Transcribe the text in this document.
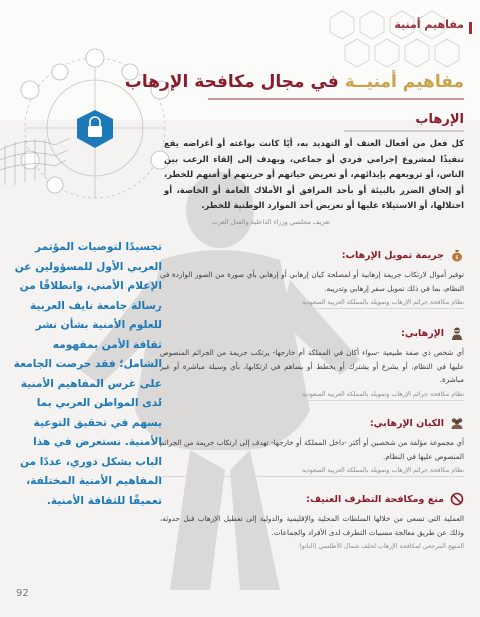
مفاهيم أمنية
مفاهيم أمنيــة في مجال مكافحة الإرهاب
الإرهاب
كل فعل من أفعال العنف أو التهديد به، أيًا كانت بواعثه أو أغراضه يقع تنفيذًا لمشروع إجرامي فردي أو جماعي، ويهدف إلى إلقاء الرعب بين الناس، أو ترويعهم بإيذائهم، أو تعريض حياتهم أو حريتهم أو أمنهم للخطر، أو إلحاق الضرر بالبيئة أو بأحد المرافق أو الأملاك العامة أو الخاصة، أو احتلالها، أو الاستيلاء عليها أو تعريض أحد الموارد الوطنية للخطر.
تعريف مجلسي وزراء الداخلية والعدل العرب
تجسيدًا لتوصيات المؤتمر العربي الأول للمسؤولين عن الإعلام الأمني، وانطلاقًا من رسالة جامعة نايف العربية للعلوم الأمنية بشأن نشر ثقافة الأمن بمفهومه الشامل؛ فقد حرصت الجامعة على غرس المفاهيم الأمنية لدى المواطن العربي بما يسهم في تحقيق التوعية الأمنية. نستعرض في هذا الباب بشكل دوري، عددًا من المفاهيم الأمنية المختلفة، تعميقًا للثقافة الأمنية.
$
جريمة تمويل الإرهاب:
توفير أموال لارتكاب جريمة إرهابية أو لمصلحة كيان إرهابي أو إرهابي بأي صورة من الصور الواردة في النظام، بما في ذلك تمويل سفر إرهابي وتدريبه.
نظام مكافحة جرائم الإرهاب وتمويله بالمملكة العربية السعودية
الإرهابي:
أي شخص ذي صفة طبيعية -سواء أكان في المملكة أم خارجها- يرتكب جريمة من الجرائم المنصوص عليها في النظام، أو يشرع أو يشترك أو يخطط أو يساهم في ارتكابها، بأي وسيلة مباشرة أو غير مباشرة.
نظام مكافحة جرائم الإرهاب وتمويله بالمملكة العربية السعودية
الكيان الإرهابي:
أي مجموعة مؤلفة من شخصين أو أكثر -داخل المملكة أو خارجها- تهدف إلى ارتكاب جريمة من الجرائم المنصوص عليها في النظام.
نظام مكافحة جرائم الإرهاب وتمويله بالمملكة العربية السعودية
منع ومكافحة التطرف العنيف:
العملية التي تسعى من خلالها السلطات المحلية والإقليمية والدولية إلى تعطيل الإرهاب قبل حدوثه، وذلك عن طريق معالجة مسببات التطرف لدى الأفراد والجماعات.
المنهج المرجعي لمكافحة الإرهاب لحلف شمال الأطلسي (الناتو)
92
